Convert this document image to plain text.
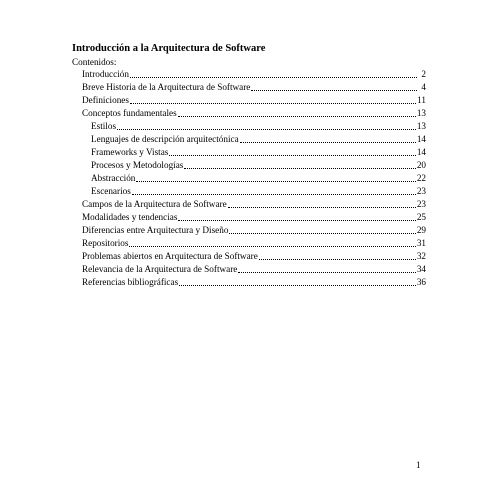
Introducción a la Arquitectura de Software
Contenidos:
Introducción	2
Breve Historia de la Arquitectura de Software	4
Definiciones	11
Conceptos fundamentales	13
Estilos	13
Lenguajes de descripción arquitectónica	14
Frameworks y Vistas	14
Procesos y Metodologías	20
Abstracción	22
Escenarios	23
Campos de la Arquitectura de Software	23
Modalidades y tendencias	25
Diferencias entre Arquitectura y Diseño	29
Repositorios	31
Problemas abiertos en Arquitectura de Software	32
Relevancia de la Arquitectura de Software	34
Referencias bibliográficas	36
1
